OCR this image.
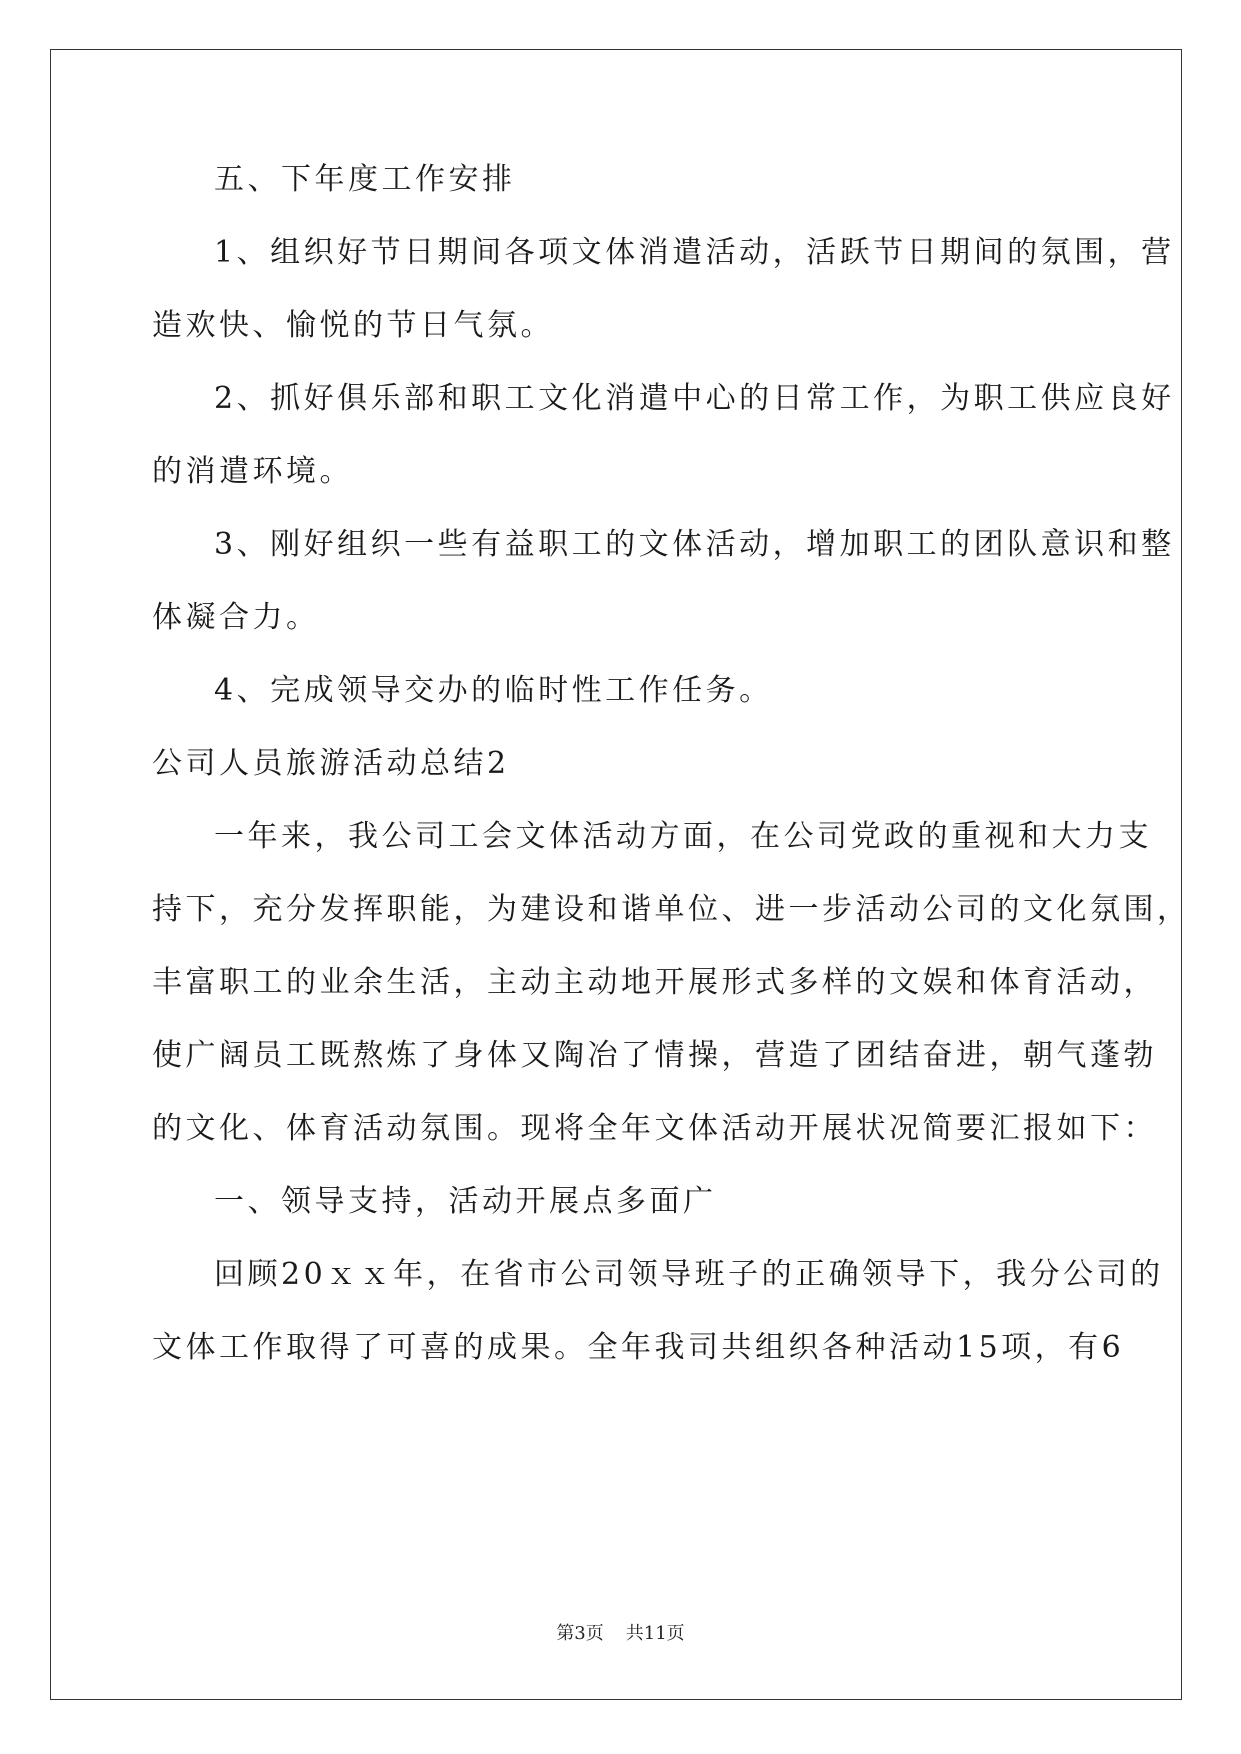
五、下年度工作安排
1、组织好节日期间各项文体消遣活动，活跃节日期间的氛围，营
造欢快、愉悦的节日气氛。
2、抓好俱乐部和职工文化消遣中心的日常工作，为职工供应良好
的消遣环境。
3、刚好组织一些有益职工的文体活动，增加职工的团队意识和整
体凝合力。
4、完成领导交办的临时性工作任务。
公司人员旅游活动总结2
一年来，我公司工会文体活动方面，在公司党政的重视和大力支
持下，充分发挥职能，为建设和谐单位、进一步活动公司的文化氛围，
丰富职工的业余生活，主动主动地开展形式多样的文娱和体育活动，
使广阔员工既熬炼了身体又陶冶了情操，营造了团结奋进，朝气蓬勃
的文化、体育活动氛围。现将全年文体活动开展状况简要汇报如下：
一、领导支持，活动开展点多面广
回顾20ｘｘ年，在省市公司领导班子的正确领导下，我分公司的
文体工作取得了可喜的成果。全年我司共组织各种活动15项，有6
第3页 共11页
